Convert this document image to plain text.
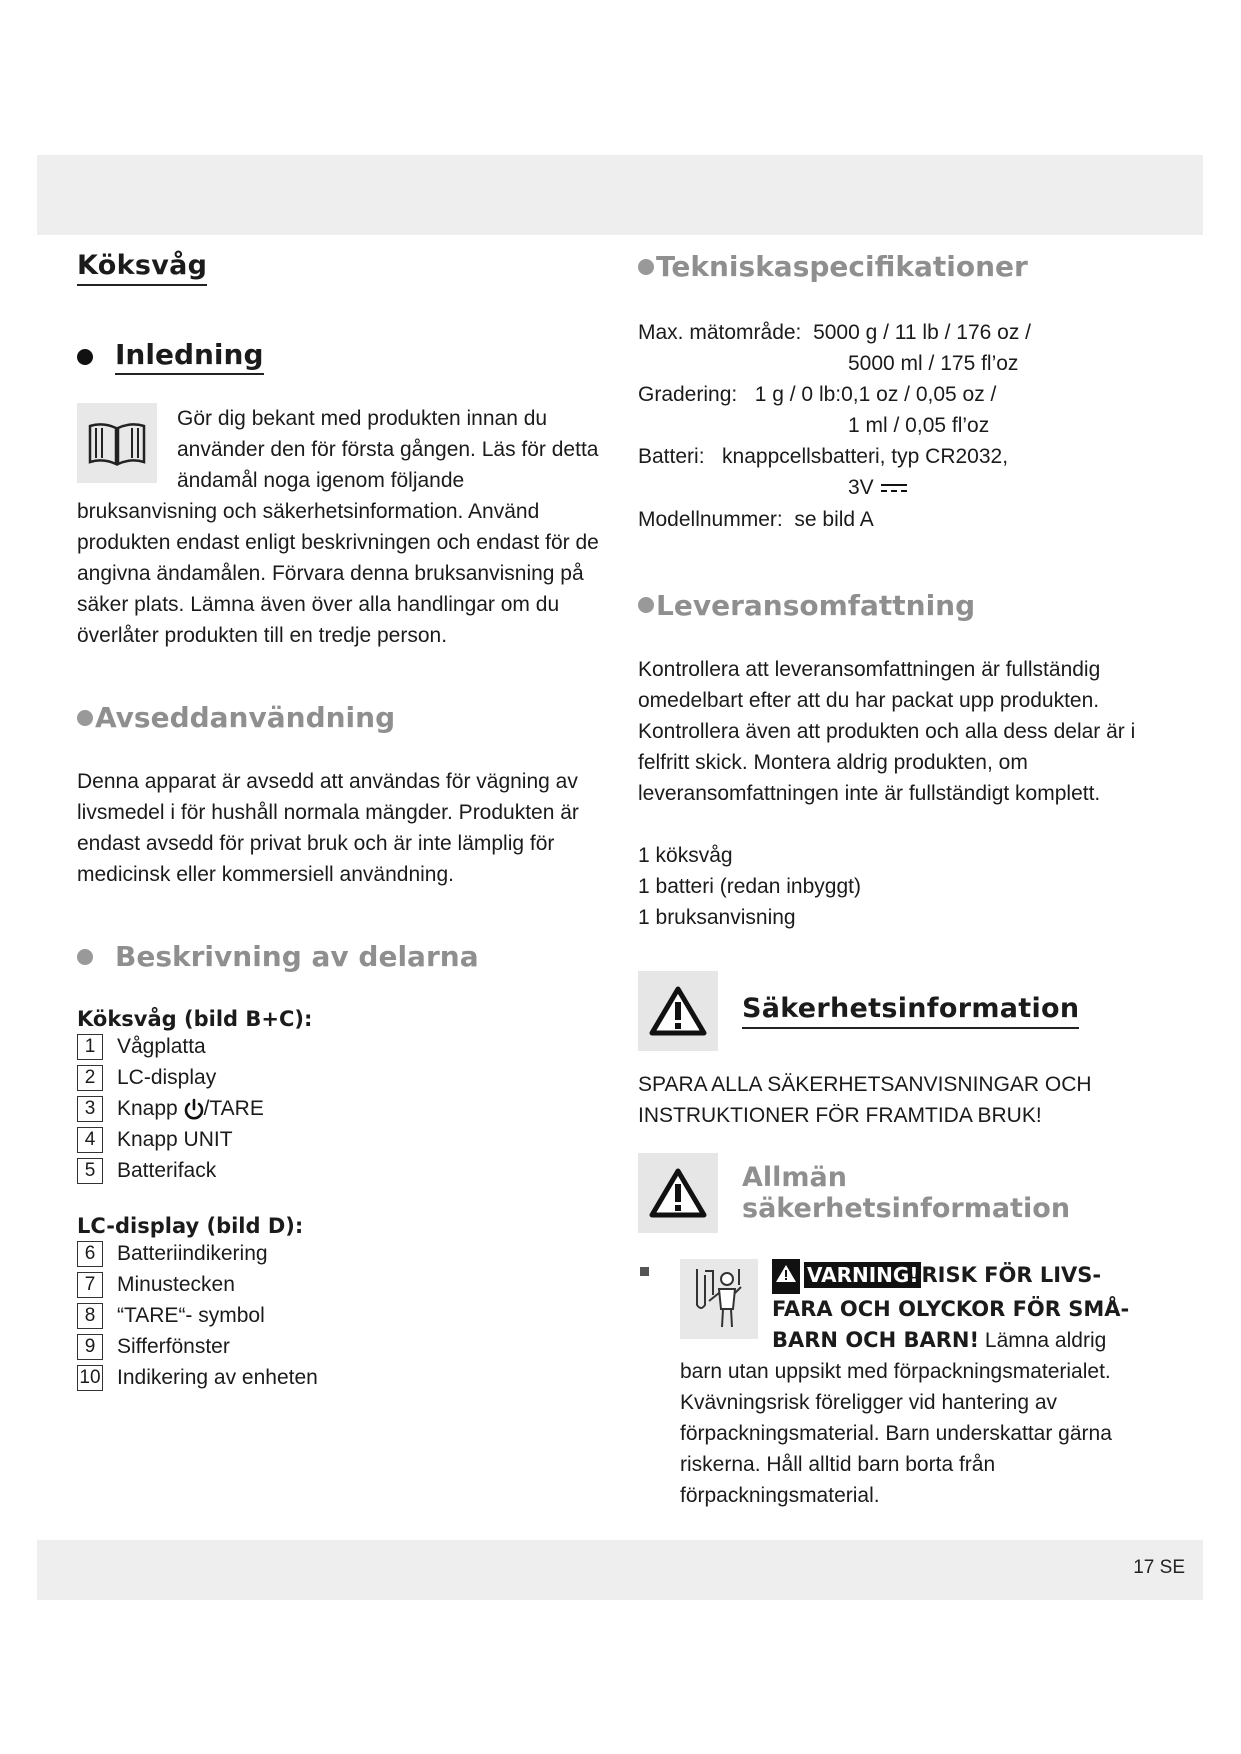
Köksvåg
Inledning

Gör dig bekant med produkten innan du använder den för första gången. Läs för detta ändamål noga igenom följande bruksanvisning och säkerhetsinformation. Använd produkten endast enligt beskrivningen och endast för de angivna ändamålen. Förvara denna bruksanvisning på säker plats. Lämna även över alla handlingar om du överlåter produkten till en tredje person.

Avseddanvändning

Denna apparat är avsedd att användas för vägning av livsmedel i för hushåll normala mängder. Produkten är endast avsedd för privat bruk och är inte lämplig för medicinsk eller kommersiell användning.

Beskrivning av delarna

Köksvåg (bild B+C):

1	Vågplatta
2	LC-display
3	Knapp /TARE
4	Knapp UNIT
5	Batterifack

LC-display (bild D):

6	Batteriindikering
7	Minustecken
8	“TARE“- symbol
9	Sifferfönster
10 Indikering av enheten
Tekniskaspecifikationer
Max. mätområde: 5000 g / 11 lb / 176 oz /
5000 ml / 175 fl’oz
Gradering: 1 g / 0 lb:0,1 oz / 0,05 oz /
1 ml / 0,05 fl’oz
Batteri: knappcellsbatteri, typ CR2032,
3V
Modellnummer: se bild A
Leveransomfattning

Kontrollera att leveransomfattningen är fullständig omedelbart efter att du har packat upp produkten. Kontrollera även att produkten och alla dess delar är i felfritt skick. Montera aldrig produkten, om leveransomfattningen inte är fullständigt komplett.

1 köksvåg
1 batteri (redan inbyggt)
1 bruksanvisning
Säkerhetsinformation

SPARA ALLA SÄKERHETSANVISNINGAR OCH INSTRUKTIONER FÖR FRAMTIDA BRUK!

Allmän
säkerhetsinformation
VARNING! RISK FÖR LIVS-
FARA OCH OLYCKOR FÖR SMÅ-
BARN OCH BARN! Lämna aldrig

barn utan uppsikt med förpackningsmaterialet. Kvävningsrisk föreligger vid hantering av förpackningsmaterial. Barn underskattar gärna riskerna. Håll alltid barn borta från förpackningsmaterial.

17 SE
